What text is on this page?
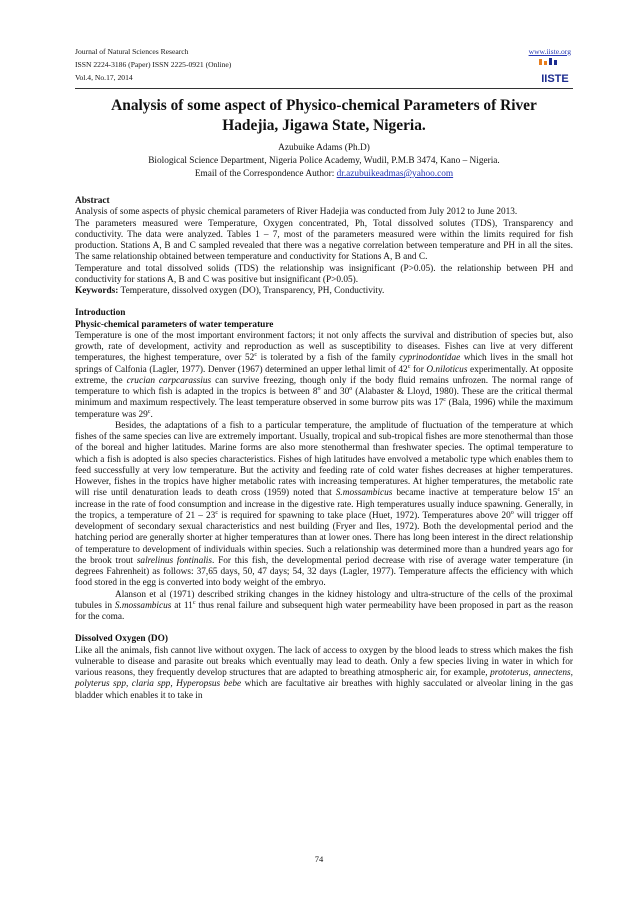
Journal of Natural Sciences Research
ISSN 2224-3186 (Paper) ISSN 2225-0921 (Online)
Vol.4, No.17, 2014
www.iiste.org
IISTE
Analysis of some aspect of Physico-chemical Parameters of River
Hadejia, Jigawa State, Nigeria.
Azubuike Adams (Ph.D)
Biological Science Department, Nigeria Police Academy, Wudil, P.M.B 3474, Kano – Nigeria.
Email of the Correspondence Author: dr.azubuikeadmas@yahoo.com

Abstract

Analysis of some aspects of physic chemical parameters of River Hadejia was conducted from July 2012 to June 2013.

The parameters measured were Temperature, Oxygen concentrated, Ph, Total dissolved solutes (TDS), Transparency and conductivity. The data were analyzed. Tables 1 – 7, most of the parameters measured were within the limits required for fish production. Stations A, B and C sampled revealed that there was a negative correlation between temperature and PH in all the sites. The same relationship obtained between temperature and conductivity for Stations A, B and C.

Temperature and total dissolved solids (TDS) the relationship was insignificant (P>0.05). the relationship between PH and conductivity for stations A, B and C was positive but insignificant (P>0.05).

Keywords: Temperature, dissolved oxygen (DO), Transparency, PH, Conductivity.

Introduction

Physic-chemical parameters of water temperature

Temperature is one of the most important environment factors; it not only affects the survival and distribution of species but, also growth, rate of development, activity and reproduction as well as susceptibility to diseases. Fishes can live at very different temperatures, the highest temperature, over 52$^c$ is tolerated by a fish of the family cyprinodontidae which lives in the small hot springs of Calfonia (Lagler, 1977). Denver (1967) determined an upper lethal limit of 42$^c$ for O.niloticus experimentally. At opposite extreme, the crucian carpcarassius can survive freezing, though only if the body fluid remains unfrozen. The normal range of temperature to which fish is adapted in the tropics is between 8$^o$ and 30$^o$ (Alabaster & Lloyd, 1980). These are the critical thermal minimum and maximum respectively. The least temperature observed in some burrow pits was 17$^c$ (Bala, 1996) while the maximum temperature was 29$^c$.

Besides, the adaptations of a fish to a particular temperature, the amplitude of fluctuation of the temperature at which fishes of the same species can live are extremely important. Usually, tropical and sub-tropical fishes are more stenothermal than those of the boreal and higher latitudes. Marine forms are also more stenothermal than freshwater species. The optimal temperature to which a fish is adopted is also species characteristics. Fishes of high latitudes have envolved a metabolic type which enables them to feed successfully at very low temperature. But the activity and feeding rate of cold water fishes decreases at higher temperatures. However, fishes in the tropics have higher metabolic rates with increasing temperatures. At higher temperatures, the metabolic rate will rise until denaturation leads to death cross (1959) noted that S.mossambicus became inactive at temperature below 15$^c$ an increase in the rate of food consumption and increase in the digestive rate. High temperatures usually induce spawning. Generally, in the tropics, a temperature of 21 – 23$^c$ is required for spawning to take place (Huet, 1972). Temperatures above 20$^o$ will trigger off development of secondary sexual characteristics and nest building (Fryer and Iles, 1972). Both the developmental period and the hatching period are generally shorter at higher temperatures than at lower ones. There has long been interest in the direct relationship of temperature to development of individuals within species. Such a relationship was determined more than a hundred years ago for the brook trout salrelinus fontinalis. For this fish, the developmental period decrease with rise of average water temperature (in degrees Fahrenheit) as follows: 37,65 days, 50, 47 days; 54, 32 days (Lagler, 1977). Temperature affects the efficiency with which food stored in the egg is converted into body weight of the embryo.

Alanson et al (1971) described striking changes in the kidney histology and ultra-structure of the cells of the proximal tubules in S.mossambicus at 11$^c$ thus renal failure and subsequent high water permeability have been proposed in part as the reason for the coma.

Dissolved Oxygen (DO)

Like all the animals, fish cannot live without oxygen. The lack of access to oxygen by the blood leads to stress which makes the fish vulnerable to disease and parasite out breaks which eventually may lead to death. Only a few species living in water in which for various reasons, they frequently develop structures that are adapted to breathing atmospheric air, for example, prototerus, annectens, polyterus spp, claria spp, Hyperopsus bebe which are facultative air breathes with highly sacculated or alveolar lining in the gas bladder which enables it to take in

74
